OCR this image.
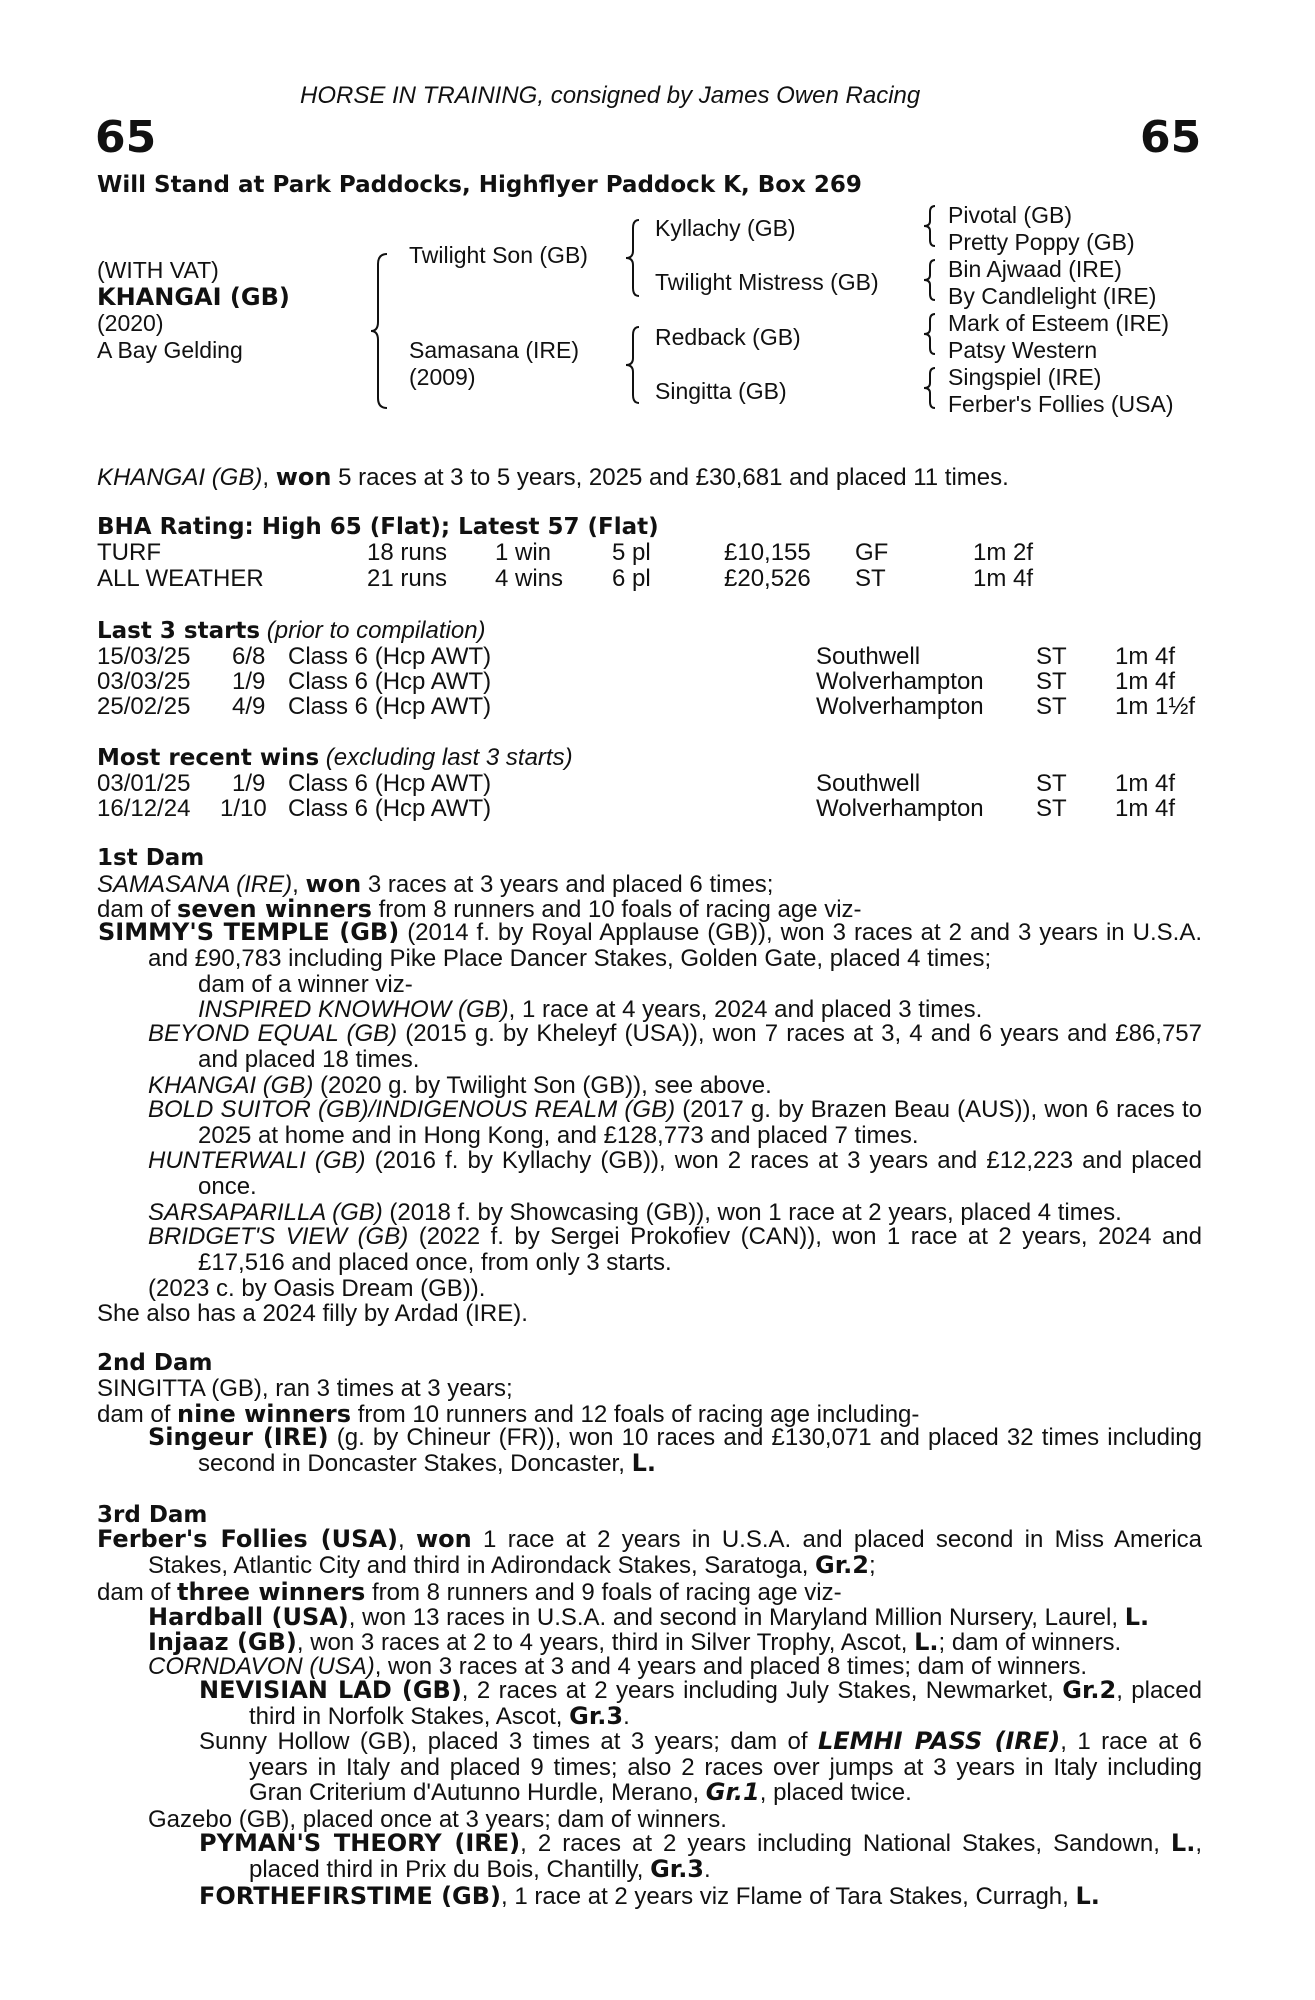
HORSE IN TRAINING, consigned by James Owen Racing
65	65
Will Stand at Park Paddocks, Highflyer Paddock K, Box 269
(WITH VAT)
KHANGAI (GB)
(2020)
A Bay Gelding
Twilight Son (GB)
Samasana (IRE)
(2009)
Kyllachy (GB)
Twilight Mistress (GB)
Redback (GB)
Singitta (GB)
Pivotal (GB)
Pretty Poppy (GB)
Bin Ajwaad (IRE)
By Candlelight (IRE)
Mark of Esteem (IRE)
Patsy Western
Singspiel (IRE)
Ferber's Follies (USA)
KHANGAI (GB), won 5 races at 3 to 5 years, 2025 and £30,681 and placed 11 times.
BHA Rating: High 65 (Flat); Latest 57 (Flat)
TURF	18 runs 1 win	5 pl	£10,155 GF	1m 2f
ALL WEATHER	21 runs 4 wins 6 pl	£20,526 ST	1m 4f
Last 3 starts (prior to compilation)
15/03/25 6/8 Class 6 (Hcp AWT)	Southwell	ST 1m 4f
03/03/25 1/9 Class 6 (Hcp AWT)	Wolverhampton ST 1m 4f
25/02/25 4/9 Class 6 (Hcp AWT)	Wolverhampton ST 1m 1½f
Most recent wins (excluding last 3 starts)
03/01/25 1/9 Class 6 (Hcp AWT)	Southwell	ST 1m 4f
16/12/24 1/10 Class 6 (Hcp AWT)	Wolverhampton ST 1m 4f
1st Dam
SAMASANA (IRE), won 3 races at 3 years and placed 6 times;
dam of seven winners from 8 runners and 10 foals of racing age viz-

SIMMY'S TEMPLE (GB) (2014 f. by Royal Applause (GB)), won 3 races at 2 and 3 years in U.S.A. and £90,783 including Pike Place Dancer Stakes, Golden Gate, placed 4 times;

dam of a winner viz-
INSPIRED KNOWHOW (GB), 1 race at 4 years, 2024 and placed 3 times.

BEYOND EQUAL (GB) (2015 g. by Kheleyf (USA)), won 7 races at 3, 4 and 6 years and £86,757 and placed 18 times.

KHANGAI (GB) (2020 g. by Twilight Son (GB)), see above.

BOLD SUITOR (GB)/INDIGENOUS REALM (GB) (2017 g. by Brazen Beau (AUS)), won 6 races to 2025 at home and in Hong Kong, and £128,773 and placed 7 times.

HUNTERWALI (GB) (2016 f. by Kyllachy (GB)), won 2 races at 3 years and £12,223 and placed once.

SARSAPARILLA (GB) (2018 f. by Showcasing (GB)), won 1 race at 2 years, placed 4 times.

BRIDGET'S VIEW (GB) (2022 f. by Sergei Prokofiev (CAN)), won 1 race at 2 years, 2024 and £17,516 and placed once, from only 3 starts.

(2023 c. by Oasis Dream (GB)).
She also has a 2024 filly by Ardad (IRE).
2nd Dam
SINGITTA (GB), ran 3 times at 3 years;
dam of nine winners from 10 runners and 12 foals of racing age including-

Singeur (IRE) (g. by Chineur (FR)), won 10 races and £130,071 and placed 32 times including second in Doncaster Stakes, Doncaster, L.

3rd Dam

Ferber's Follies (USA), won 1 race at 2 years in U.S.A. and placed second in Miss America Stakes, Atlantic City and third in Adirondack Stakes, Saratoga, Gr.2;

dam of three winners from 8 runners and 9 foals of racing age viz-
Hardball (USA), won 13 races in U.S.A. and second in Maryland Million Nursery, Laurel, L.
Injaaz (GB), won 3 races at 2 to 4 years, third in Silver Trophy, Ascot, L.; dam of winners.
CORNDAVON (USA), won 3 races at 3 and 4 years and placed 8 times; dam of winners.

NEVISIAN LAD (GB), 2 races at 2 years including July Stakes, Newmarket, Gr.2, placed third in Norfolk Stakes, Ascot, Gr.3.

Sunny Hollow (GB), placed 3 times at 3 years; dam of LEMHI PASS (IRE), 1 race at 6 years in Italy and placed 9 times; also 2 races over jumps at 3 years in Italy including Gran Criterium d'Autunno Hurdle, Merano, Gr.1, placed twice.

Gazebo (GB), placed once at 3 years; dam of winners.

PYMAN'S THEORY (IRE), 2 races at 2 years including National Stakes, Sandown, L., placed third in Prix du Bois, Chantilly, Gr.3.

FORTHEFIRSTIME (GB), 1 race at 2 years viz Flame of Tara Stakes, Curragh, L.
